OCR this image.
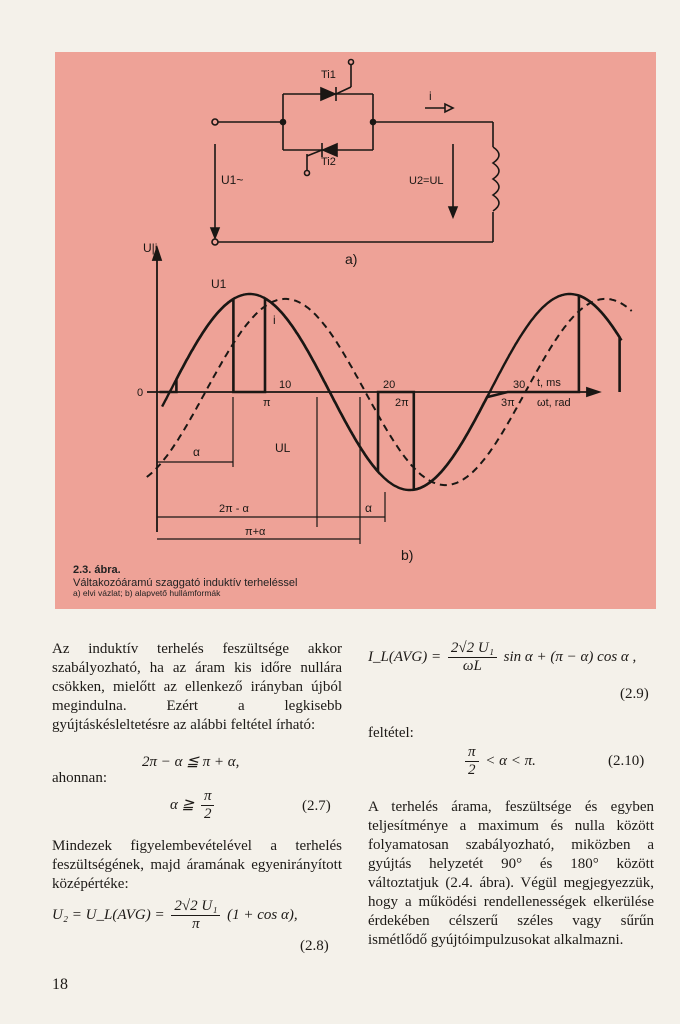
Ti1
Ti2
i
U1~	U2=UL
a)
U|i
0
U1
i
UL
t, ms
ωt, rad
10	20	30
π	2π	3π
α
2π - α	α
π+α
b)
2.3. ábra.
Váltakozóáramú szaggató induktív terheléssel
a) elvi vázlat; b) alapvető hullámformák

Az induktív terhelés feszültsége akkor szabályozható, ha az áram kis időre nullára csökken, mielőtt az ellenkező irányban újból megindulna. Ezért a legkisebb gyújtáskésleltetésre az alábbi feltétel írható:

2π − α ≦ π + α,
ahonnan:
α ≧ $\frac{\pi}{2}$	(2.7)

Mindezek figyelembevételével a terhelés feszültségének, majd áramának egyenirányított középértéke:

U₂ = U_L(AVG) = $\frac{\text{2√2 U₁}}{\pi} (1 + \cos \alpha)$,
(2.8)
I_L(AVG) = $\frac{\text{2√2 U₁}}{\omega L}$ sin α + (π − α) cos α ,
(2.9)
feltétel:
$\frac{\pi}{2} < \alpha < \pi$.	(2.10)

A terhelés árama, feszültsége és egyben teljesítménye a maximum és nulla között folyamatosan szabályozható, miközben a gyújtás helyzetét 90° és 180° között változtatjuk (2.4. ábra). Végül megjegyezzük, hogy a működési rendellenességek elkerülése érdekében célszerű széles vagy sűrűn ismétlődő gyújtóimpulzusokat alkalmazni.

18
